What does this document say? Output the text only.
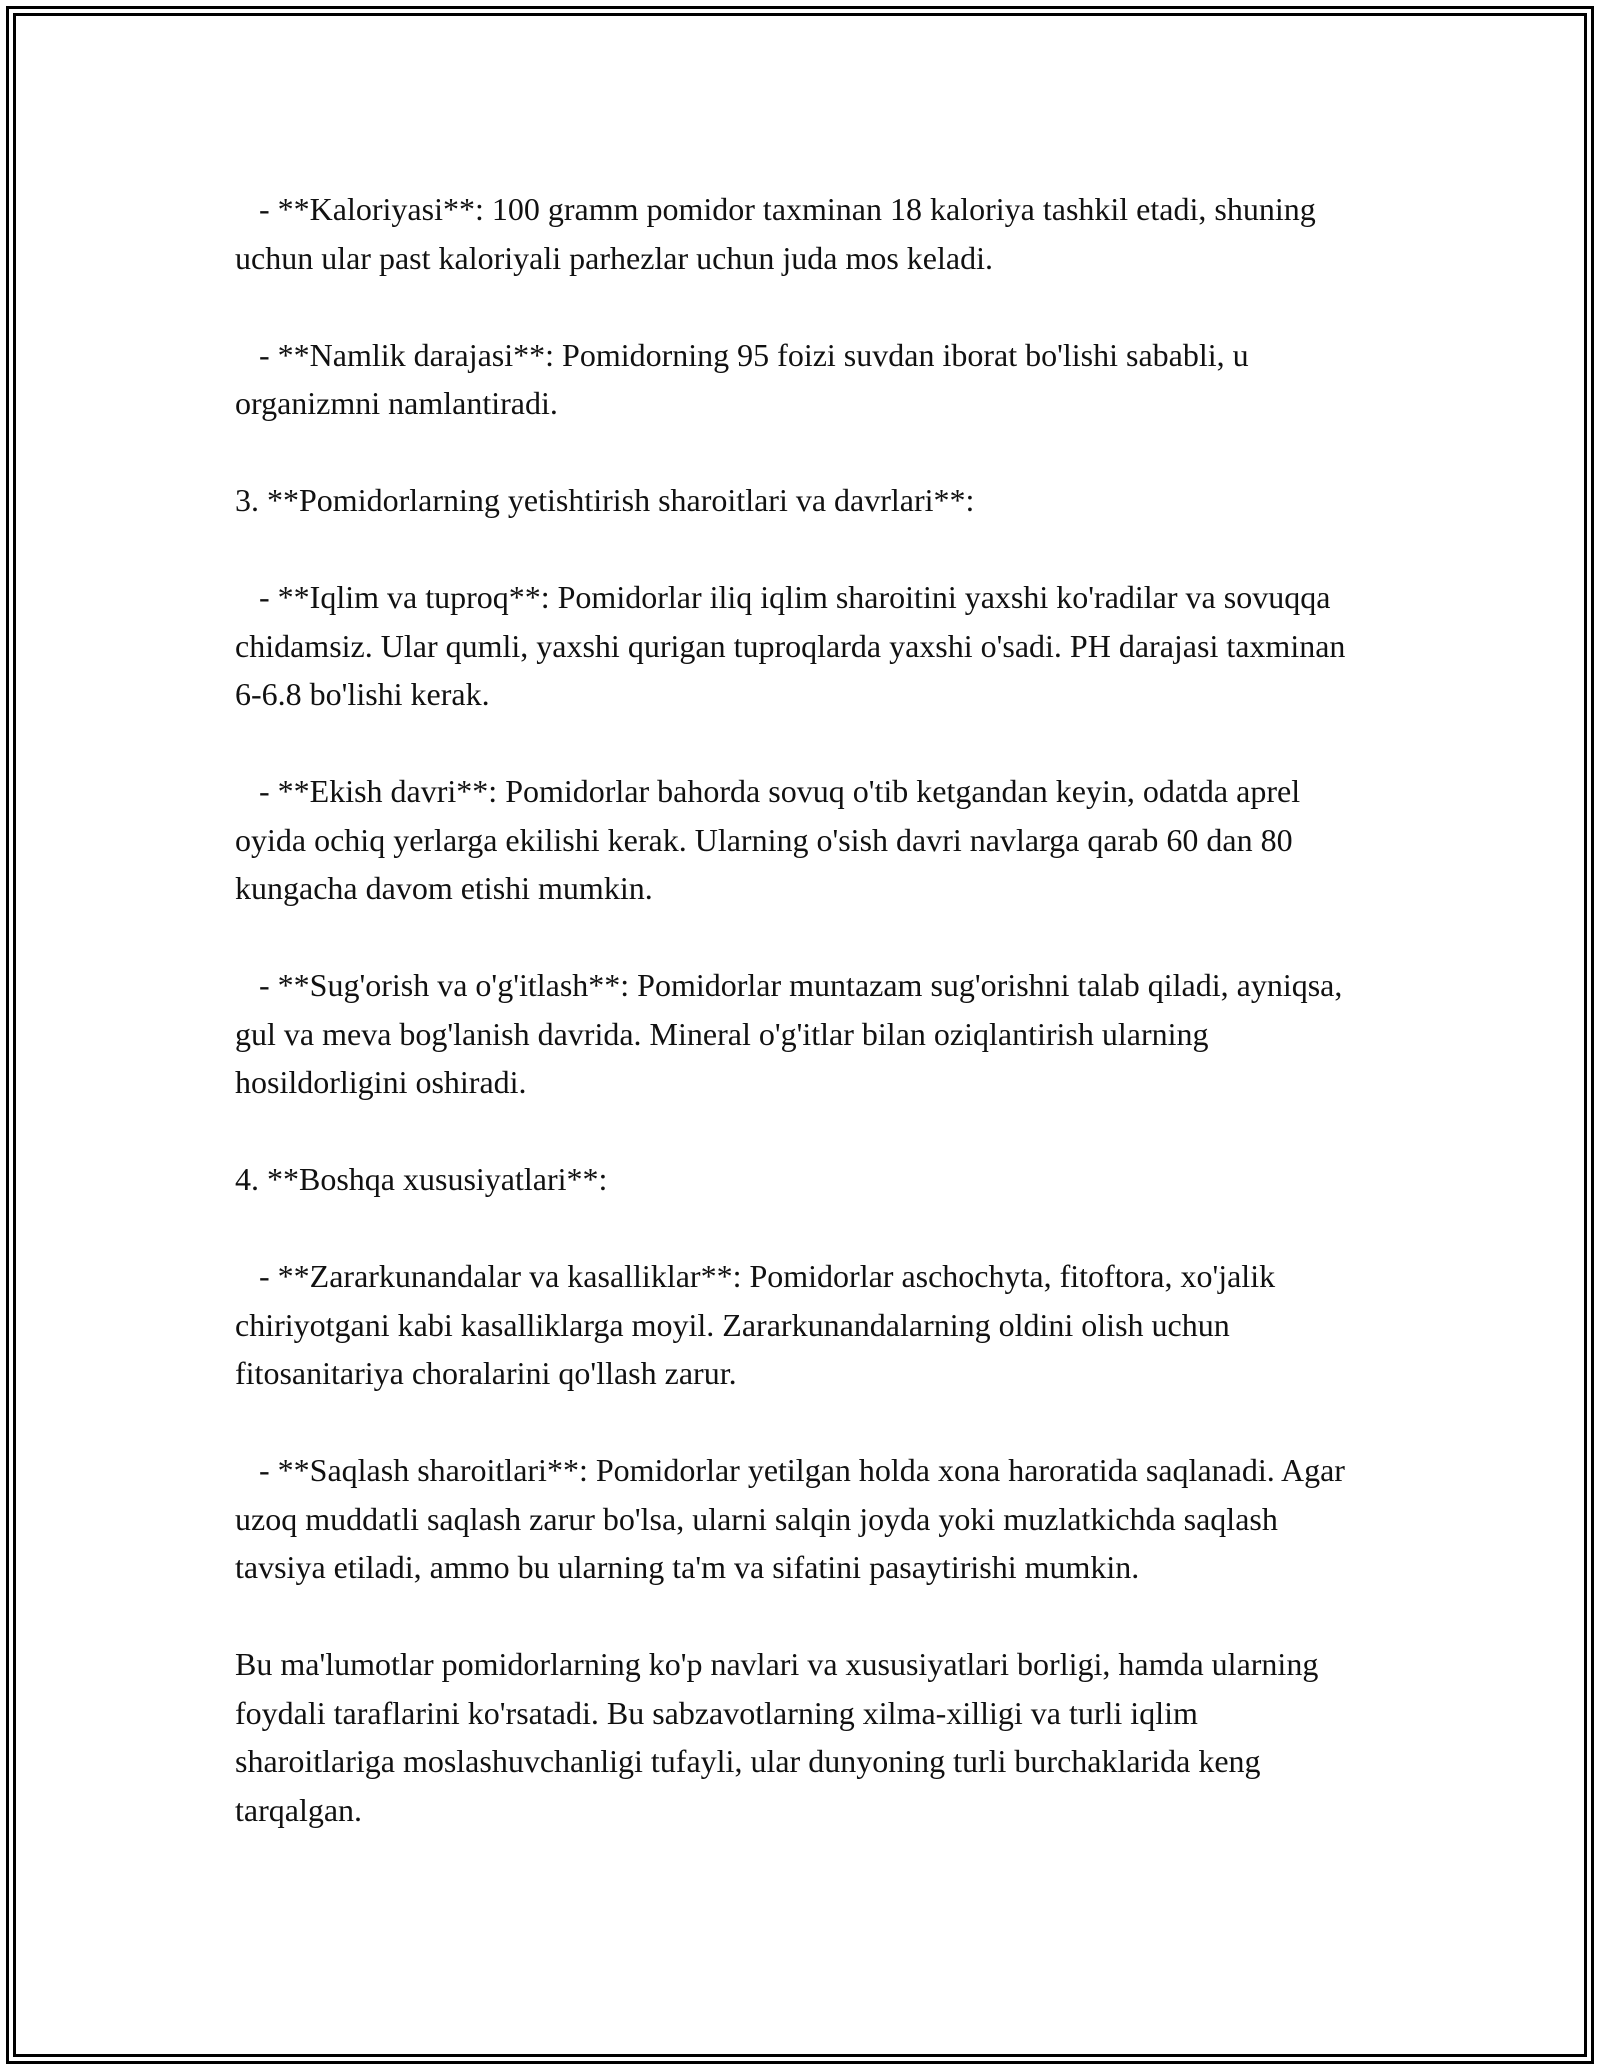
- **Kaloriyasi**: 100 gramm pomidor taxminan 18 kaloriya tashkil etadi, shuning uchun ular past kaloriyali parhezlar uchun juda mos keladi.

- **Namlik darajasi**: Pomidorning 95 foizi suvdan iborat bo'lishi sababli, u organizmni namlantiradi.

3. **Pomidorlarning yetishtirish sharoitlari va davrlari**:

- **Iqlim va tuproq**: Pomidorlar iliq iqlim sharoitini yaxshi ko'radilar va sovuqqa chidamsiz. Ular qumli, yaxshi qurigan tuproqlarda yaxshi o'sadi. PH darajasi taxminan 6-6.8 bo'lishi kerak.

- **Ekish davri**: Pomidorlar bahorda sovuq o'tib ketgandan keyin, odatda aprel oyida ochiq yerlarga ekilishi kerak. Ularning o'sish davri navlarga qarab 60 dan 80 kungacha davom etishi mumkin.

- **Sug'orish va o'g'itlash**: Pomidorlar muntazam sug'orishni talab qiladi, ayniqsa, gul va meva bog'lanish davrida. Mineral o'g'itlar bilan oziqlantirish ularning hosildorligini oshiradi.

4. **Boshqa xususiyatlari**:

- **Zararkunandalar va kasalliklar**: Pomidorlar aschochyta, fitoftora, xo'jalik chiriyotgani kabi kasalliklarga moyil. Zararkunandalarning oldini olish uchun fitosanitariya choralarini qo'llash zarur.

- **Saqlash sharoitlari**: Pomidorlar yetilgan holda xona haroratida saqlanadi. Agar uzoq muddatli saqlash zarur bo'lsa, ularni salqin joyda yoki muzlatkichda saqlash tavsiya etiladi, ammo bu ularning ta'm va sifatini pasaytirishi mumkin.

Bu ma'lumotlar pomidorlarning ko'p navlari va xususiyatlari borligi, hamda ularning foydali taraflarini ko'rsatadi. Bu sabzavotlarning xilma-xilligi va turli iqlim sharoitlariga moslashuvchanligi tufayli, ular dunyoning turli burchaklarida keng tarqalgan.
